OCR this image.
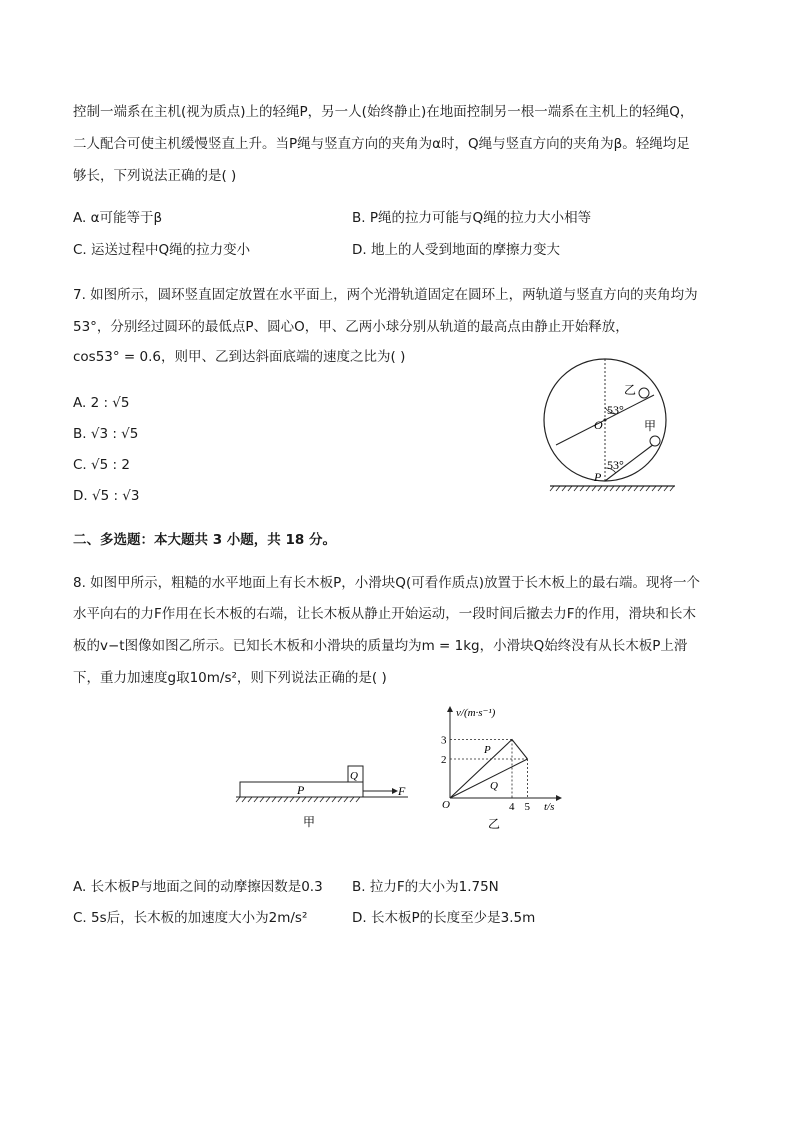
控制一端系在主机(视为质点)上的轻绳P，另一人(始终静止)在地面控制另一根一端系在主机上的轻绳Q，
二人配合可使主机缓慢竖直上升。当P绳与竖直方向的夹角为α时，Q绳与竖直方向的夹角为β。轻绳均足
够长，下列说法正确的是( )
A. α可能等于β	B. P绳的拉力可能与Q绳的拉力大小相等
C. 运送过程中Q绳的拉力变小	D. 地上的人受到地面的摩擦力变大
7. 如图所示，圆环竖直固定放置在水平面上，两个光滑轨道固定在圆环上，两轨道与竖直方向的夹角均为
53°，分别经过圆环的最低点P、圆心O，甲、乙两小球分别从轨道的最高点由静止开始释放，
cos53° = 0.6，则甲、乙到达斜面底端的速度之比为( )
A. 2 : √5
B. √3 : √5
C. √5 : 2
D. √5 : √3
乙
甲
53°
53°
O
P
二、多选题：本大题共 3 小题，共 18 分。
8. 如图甲所示，粗糙的水平地面上有长木板P，小滑块Q(可看作质点)放置于长木板上的最右端。现将一个
水平向右的力F作用在长木板的右端，让长木板从静止开始运动，一段时间后撤去力F的作用，滑块和长木
板的v−t图像如图乙所示。已知长木板和小滑块的质量均为m = 1kg，小滑块Q始终没有从长木板P上滑
下，重力加速度g取10m/s²，则下列说法正确的是( )
Q
P	F
甲
v/(m·s⁻¹)
t/s
O
2
3
4 5
P
Q
乙
A. 长木板P与地面之间的动摩擦因数是0.3 B. 拉力F的大小为1.75N
C. 5s后，长木板的加速度大小为2m/s²	D. 长木板P的长度至少是3.5m
